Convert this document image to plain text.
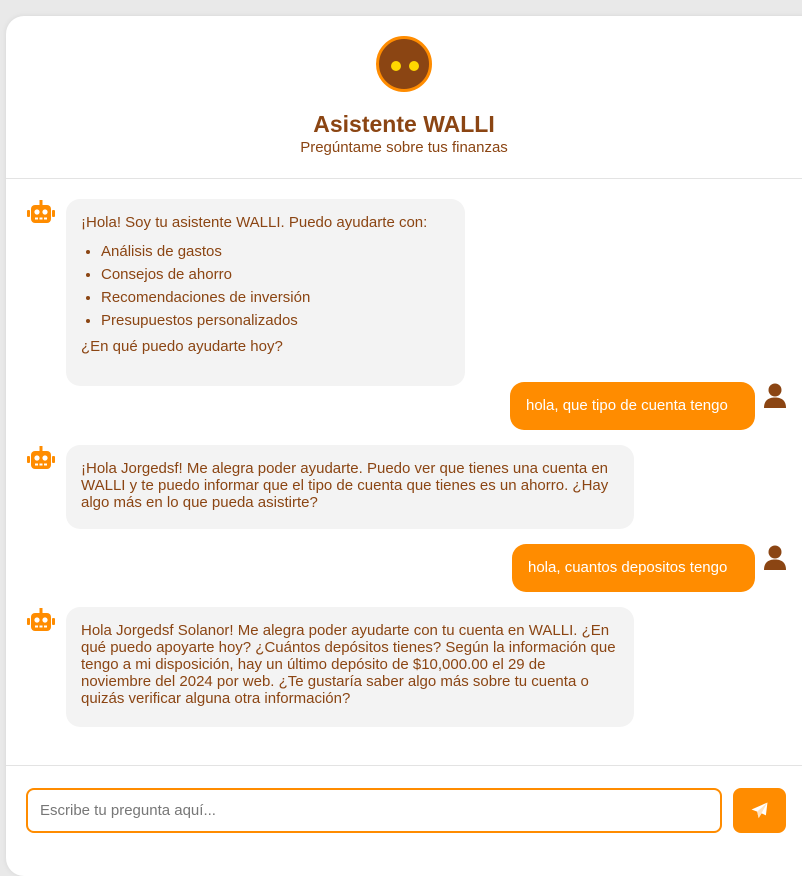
Asistente WALLI
Pregúntame sobre tus finanzas
¡Hola! Soy tu asistente WALLI. Puedo ayudarte con:
• Análisis de gastos
• Consejos de ahorro
• Recomendaciones de inversión
• Presupuestos personalizados
¿En qué puedo ayudarte hoy?
hola, que tipo de cuenta tengo
¡Hola Jorgedsf! Me alegra poder ayudarte. Puedo ver que tienes una cuenta en WALLI y te puedo informar que el tipo de cuenta que tienes es un ahorro. ¿Hay algo más en lo que pueda asistirte?
hola, cuantos depositos tengo
Hola Jorgedsf Solanor! Me alegra poder ayudarte con tu cuenta en WALLI. ¿En qué puedo apoyarte hoy? ¿Cuántos depósitos tienes? Según la información que tengo a mi disposición, hay un último depósito de $10,000.00 el 29 de noviembre del 2024 por web. ¿Te gustaría saber algo más sobre tu cuenta o quizás verificar alguna otra información?
Escribe tu pregunta aquí...
